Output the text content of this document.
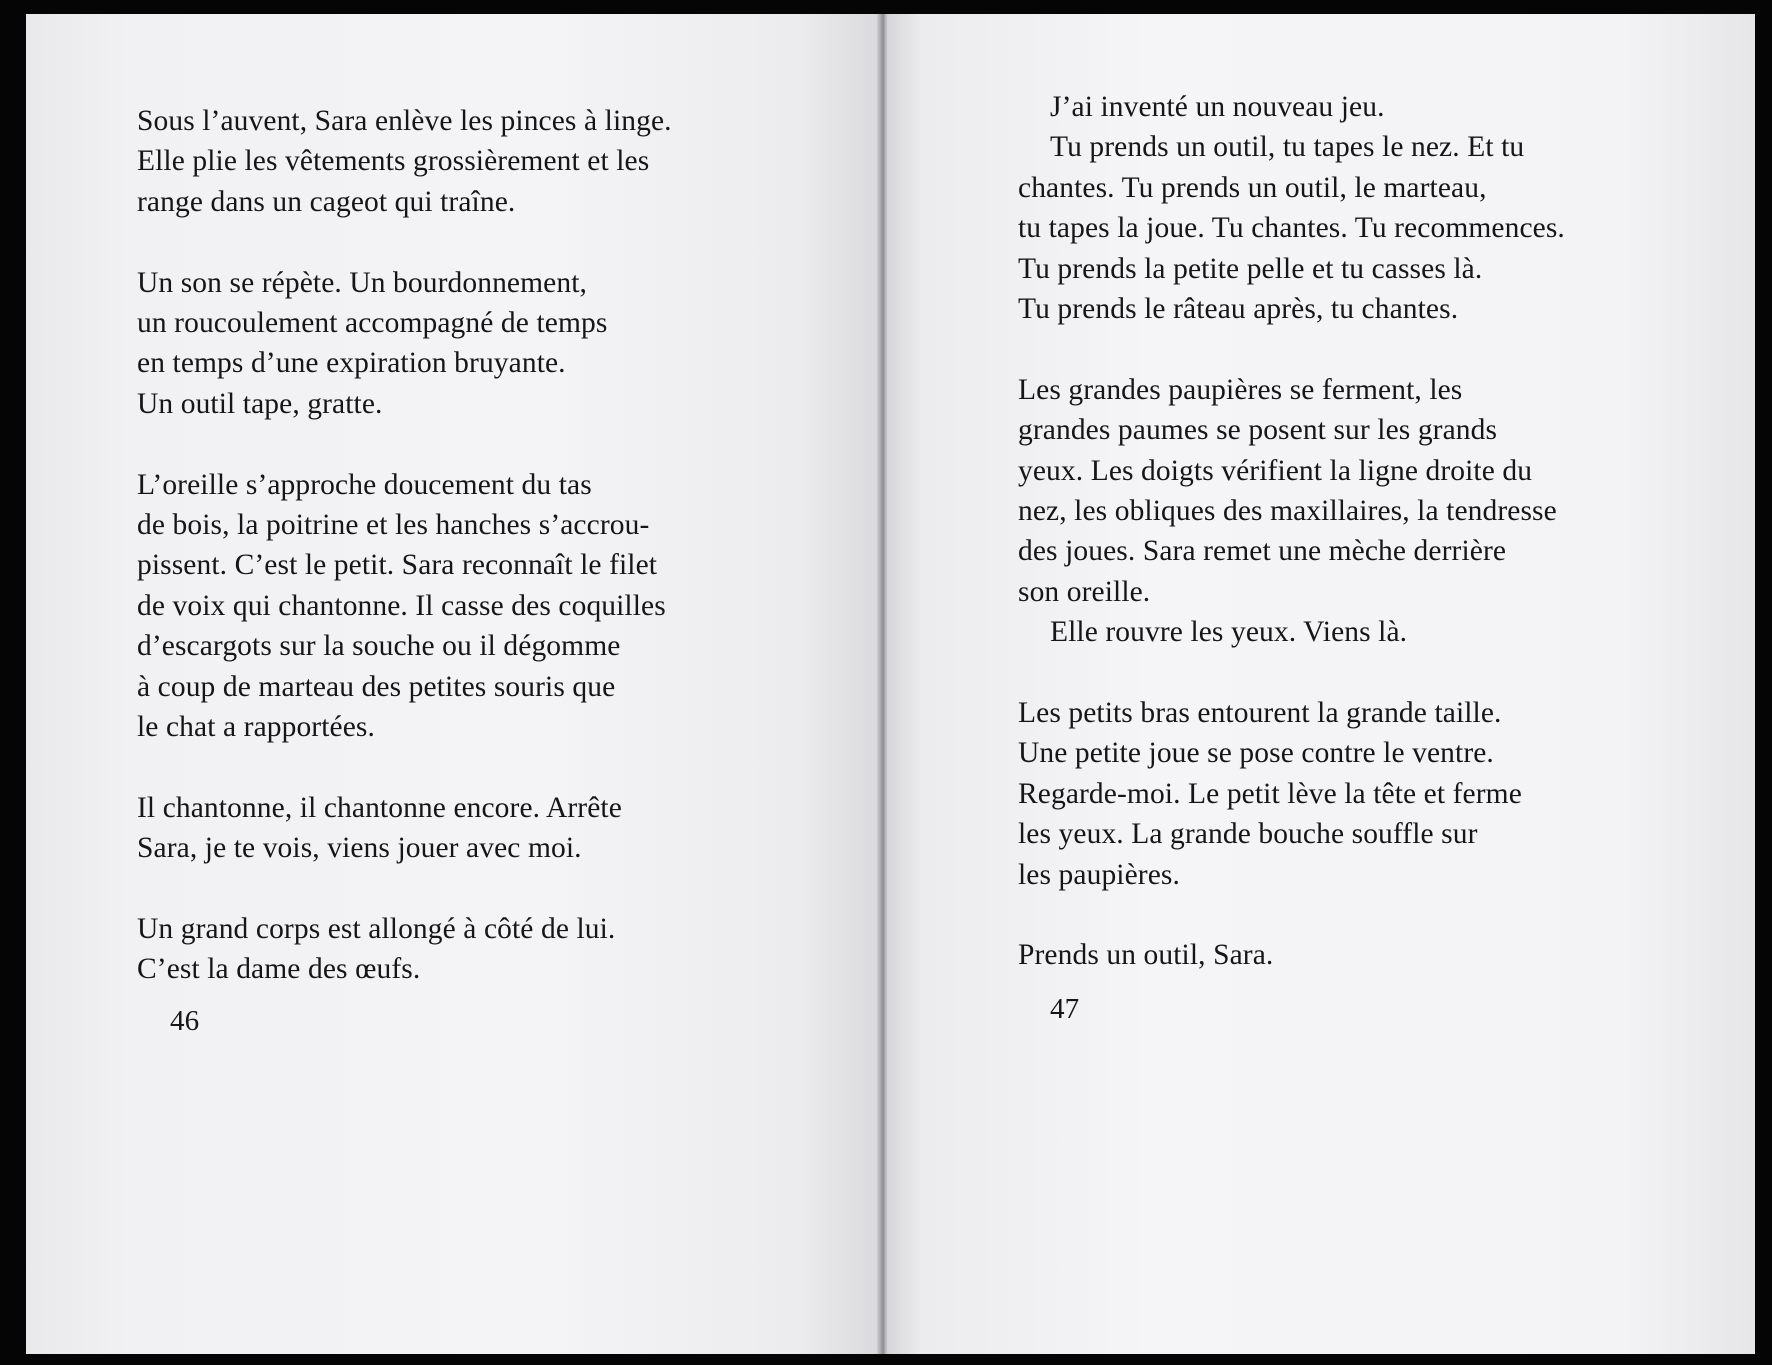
Sous l’auvent, Sara enlève les pinces à linge.
Elle plie les vêtements grossièrement et les
range dans un cageot qui traîne.

Un son se répète. Un bourdonnement,
un roucoulement accompagné de temps
en temps d’une expiration bruyante.
Un outil tape, gratte.

L’oreille s’approche doucement du tas
de bois, la poitrine et les hanches s’accrou-
pissent. C’est le petit. Sara reconnaît le filet
de voix qui chantonne. Il casse des coquilles
d’escargots sur la souche ou il dégomme
à coup de marteau des petites souris que
le chat a rapportées.

Il chantonne, il chantonne encore. Arrête
Sara, je te vois, viens jouer avec moi.

Un grand corps est allongé à côté de lui.
C’est la dame des œufs.

46

J’ai inventé un nouveau jeu.

Tu prends un outil, tu tapes le nez. Et tu
chantes. Tu prends un outil, le marteau,
tu tapes la joue. Tu chantes. Tu recommences.
Tu prends la petite pelle et tu casses là.
Tu prends le râteau après, tu chantes.

Les grandes paupières se ferment, les
grandes paumes se posent sur les grands
yeux. Les doigts vérifient la ligne droite du
nez, les obliques des maxillaires, la tendresse
des joues. Sara remet une mèche derrière
son oreille.

Elle rouvre les yeux. Viens là.

Les petits bras entourent la grande taille.
Une petite joue se pose contre le ventre.
Regarde-moi. Le petit lève la tête et ferme
les yeux. La grande bouche souffle sur
les paupières.

Prends un outil, Sara.

47
